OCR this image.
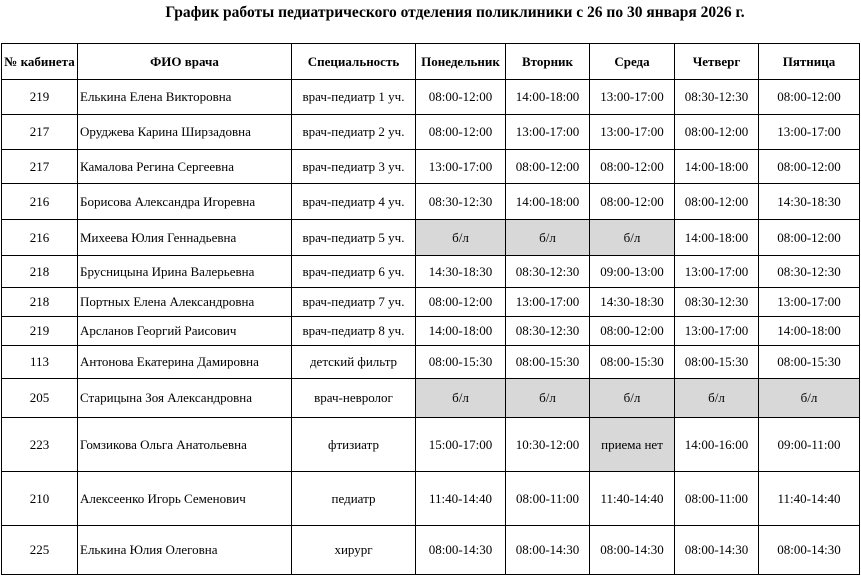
График работы педиатрического отделения поликлиники с 26 по 30 января 2026 г.
№ кабинета	ФИО врача	Специальность	Понедельник	Вторник	Среда	Четверг	Пятница
219	Елькина Елена Викторовна	врач-педиатр 1 уч.	08:00-12:00	14:00-18:00	13:00-17:00	08:30-12:30	08:00-12:00
217	Оруджева Карина Ширзадовна	врач-педиатр 2 уч.	08:00-12:00	13:00-17:00	13:00-17:00	08:00-12:00	13:00-17:00
217	Камалова Регина Сергеевна	врач-педиатр 3 уч.	13:00-17:00	08:00-12:00	08:00-12:00	14:00-18:00	08:00-12:00
216	Борисова Александра Игоревна	врач-педиатр 4 уч.	08:30-12:30	14:00-18:00	08:00-12:00	08:00-12:00	14:30-18:30
216	Михеева Юлия Геннадьевна	врач-педиатр 5 уч.	б/л	б/л	б/л	14:00-18:00	08:00-12:00
218	Брусницына Ирина Валерьевна	врач-педиатр 6 уч.	14:30-18:30	08:30-12:30	09:00-13:00	13:00-17:00	08:30-12:30
218	Портных Елена Александровна	врач-педиатр 7 уч.	08:00-12:00	13:00-17:00	14:30-18:30	08:30-12:30	13:00-17:00
219	Арсланов Георгий Раисович	врач-педиатр 8 уч.	14:00-18:00	08:30-12:30	08:00-12:00	13:00-17:00	14:00-18:00
113	Антонова Екатерина Дамировна	детский фильтр	08:00-15:30	08:00-15:30	08:00-15:30	08:00-15:30	08:00-15:30
205	Старицына Зоя Александровна	врач-невролог	б/л	б/л	б/л	б/л	б/л
223	Гомзикова Ольга Анатольевна	фтизиатр	15:00-17:00	10:30-12:00	приема нет	14:00-16:00	09:00-11:00
210	Алексеенко Игорь Семенович	педиатр	11:40-14:40	08:00-11:00	11:40-14:40	08:00-11:00	11:40-14:40
225	Елькина Юлия Олеговна	хирург	08:00-14:30	08:00-14:30	08:00-14:30	08:00-14:30	08:00-14:30
